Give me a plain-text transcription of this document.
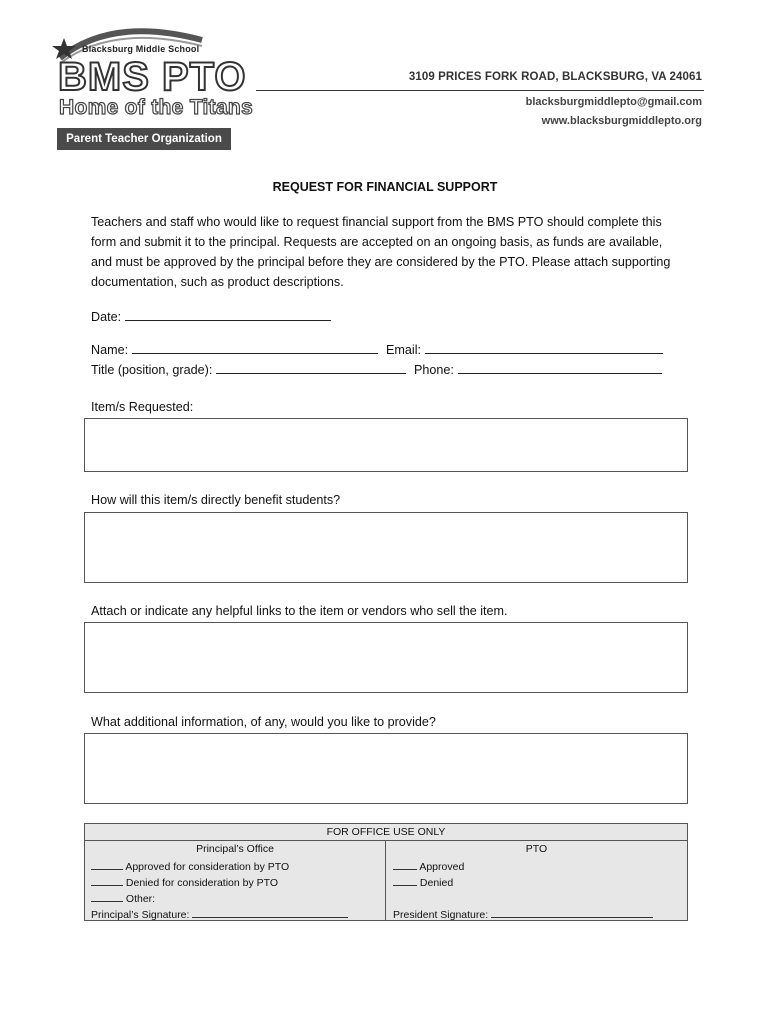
Blacksburg Middle School
BMS PTO
Home of the Titans
Parent Teacher Organization
3109 PRICES FORK ROAD, BLACKSBURG, VA 24061
blacksburgmiddlepto@gmail.com
www.blacksburgmiddlepto.org
REQUEST FOR FINANCIAL SUPPORT
Teachers and staff who would like to request financial support from the BMS PTO should complete this
form and submit it to the principal. Requests are accepted on an ongoing basis, as funds are available,
and must be approved by the principal before they are considered by the PTO. Please attach supporting
documentation, such as product descriptions.
Date:
Name:	Email:
Title (position, grade):	Phone:
Item/s Requested:
How will this item/s directly benefit students?
Attach or indicate any helpful links to the item or vendors who sell the item.
What additional information, of any, would you like to provide?
FOR OFFICE USE ONLY
Principal’s Office
Approved for consideration by PTO
Denied for consideration by PTO
Other:
Principal’s Signature:
PTO
Approved
Denied
President Signature:
